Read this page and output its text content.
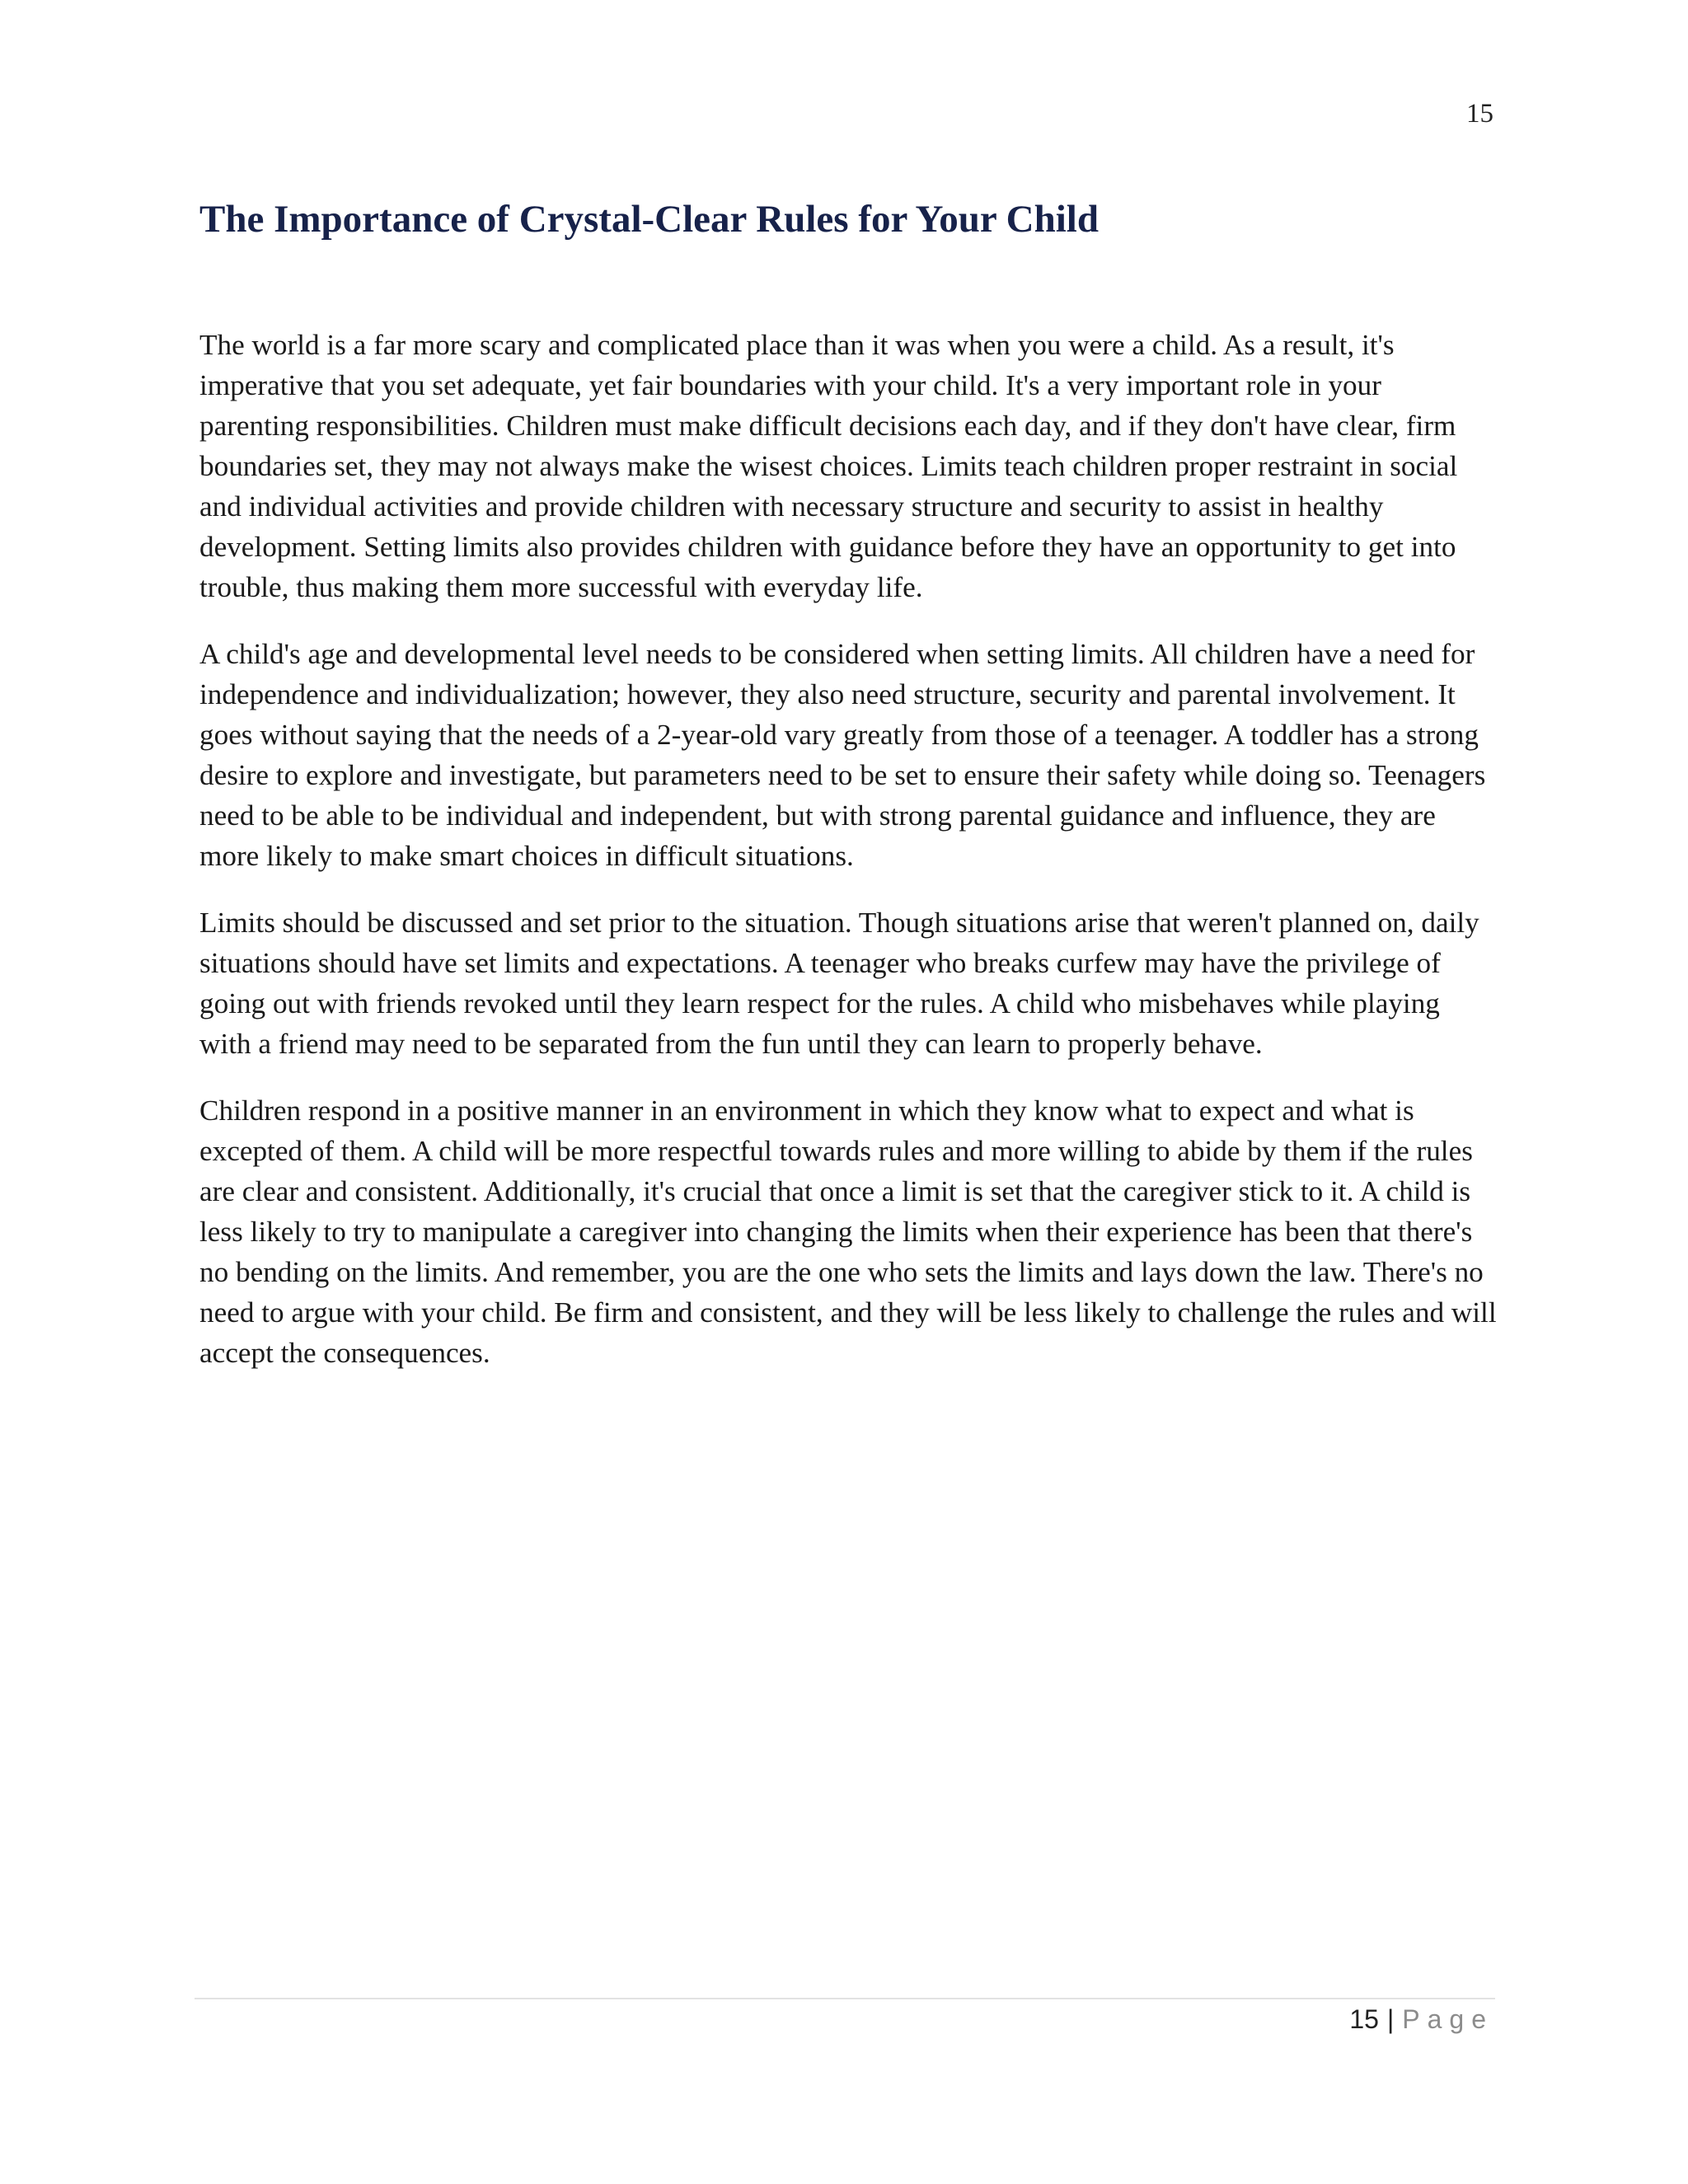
15
The Importance of Crystal-Clear Rules for Your Child

The world is a far more scary and complicated place than it was when you were a child. As a result, it's imperative that you set adequate, yet fair boundaries with your child. It's a very important role in your parenting responsibilities. Children must make difficult decisions each day, and if they don't have clear, firm boundaries set, they may not always make the wisest choices. Limits teach children proper restraint in social and individual activities and provide children with necessary structure and security to assist in healthy development. Setting limits also provides children with guidance before they have an opportunity to get into trouble, thus making them more successful with everyday life.

A child's age and developmental level needs to be considered when setting limits. All children have a need for independence and individualization; however, they also need structure, security and parental involvement. It goes without saying that the needs of a 2-year-old vary greatly from those of a teenager. A toddler has a strong desire to explore and investigate, but parameters need to be set to ensure their safety while doing so. Teenagers need to be able to be individual and independent, but with strong parental guidance and influence, they are more likely to make smart choices in difficult situations.

Limits should be discussed and set prior to the situation. Though situations arise that weren't planned on, daily situations should have set limits and expectations. A teenager who breaks curfew may have the privilege of going out with friends revoked until they learn respect for the rules. A child who misbehaves while playing with a friend may need to be separated from the fun until they can learn to properly behave.

Children respond in a positive manner in an environment in which they know what to expect and what is excepted of them. A child will be more respectful towards rules and more willing to abide by them if the rules are clear and consistent. Additionally, it's crucial that once a limit is set that the caregiver stick to it. A child is less likely to try to manipulate a caregiver into changing the limits when their experience has been that there's no bending on the limits. And remember, you are the one who sets the limits and lays down the law. There's no need to argue with your child. Be firm and consistent, and they will be less likely to challenge the rules and will accept the consequences.

15 | Page
